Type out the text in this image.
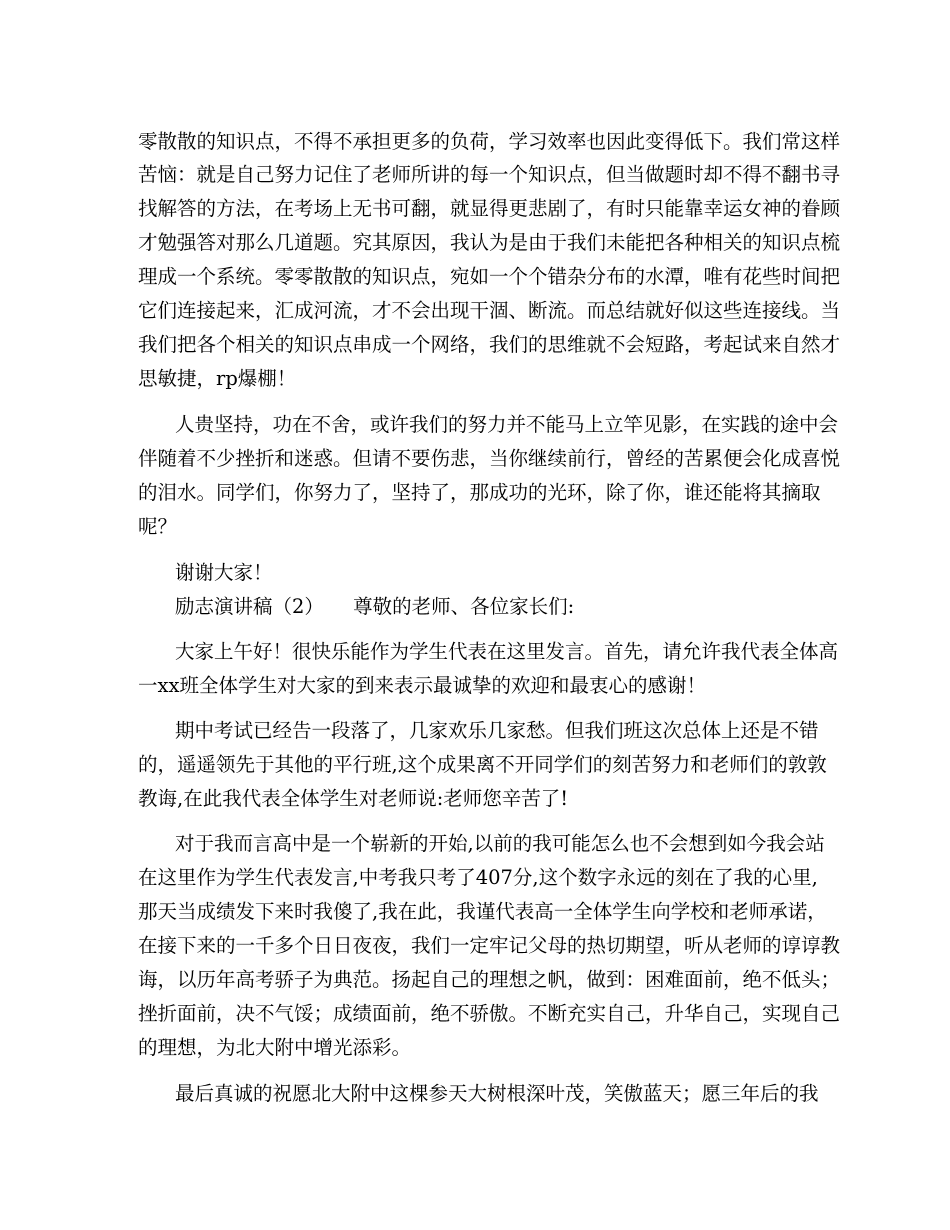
零散散的知识点，不得不承担更多的负荷，学习效率也因此变得低下。我们常这样
苦恼：就是自己努力记住了老师所讲的每一个知识点，但当做题时却不得不翻书寻
找解答的方法，在考场上无书可翻，就显得更悲剧了，有时只能靠幸运女神的眷顾
才勉强答对那么几道题。究其原因，我认为是由于我们未能把各种相关的知识点梳
理成一个系统。零零散散的知识点，宛如一个个错杂分布的水潭，唯有花些时间把
它们连接起来，汇成河流，才不会出现干涸、断流。而总结就好似这些连接线。当
我们把各个相关的知识点串成一个网络，我们的思维就不会短路，考起试来自然才
思敏捷，rp爆棚！
人贵坚持，功在不舍，或许我们的努力并不能马上立竿见影，在实践的途中会
伴随着不少挫折和迷惑。但请不要伤悲，当你继续前行，曾经的苦累便会化成喜悦
的泪水。同学们，你努力了，坚持了，那成功的光环，除了你，谁还能将其摘取
呢？
谢谢大家！
励志演讲稿（2）　　尊敬的老师、各位家长们:
大家上午好！很快乐能作为学生代表在这里发言。首先，请允许我代表全体高
一xx班全体学生对大家的到来表示最诚挚的欢迎和最衷心的感谢！
期中考试已经告一段落了，几家欢乐几家愁。但我们班这次总体上还是不错
的，遥遥领先于其他的平行班,这个成果离不开同学们的刻苦努力和老师们的敦敦
教诲,在此我代表全体学生对老师说:老师您辛苦了!
对于我而言高中是一个崭新的开始,以前的我可能怎么也不会想到如今我会站
在这里作为学生代表发言,中考我只考了407分,这个数字永远的刻在了我的心里,
那天当成绩发下来时我傻了,我在此，我谨代表高一全体学生向学校和老师承诺，
在接下来的一千多个日日夜夜，我们一定牢记父母的热切期望，听从老师的谆谆教
诲，以历年高考骄子为典范。扬起自己的理想之帆，做到：困难面前，绝不低头；
挫折面前，决不气馁；成绩面前，绝不骄傲。不断充实自己，升华自己，实现自己
的理想，为北大附中增光添彩。
最后真诚的祝愿北大附中这棵参天大树根深叶茂，笑傲蓝天；愿三年后的我
